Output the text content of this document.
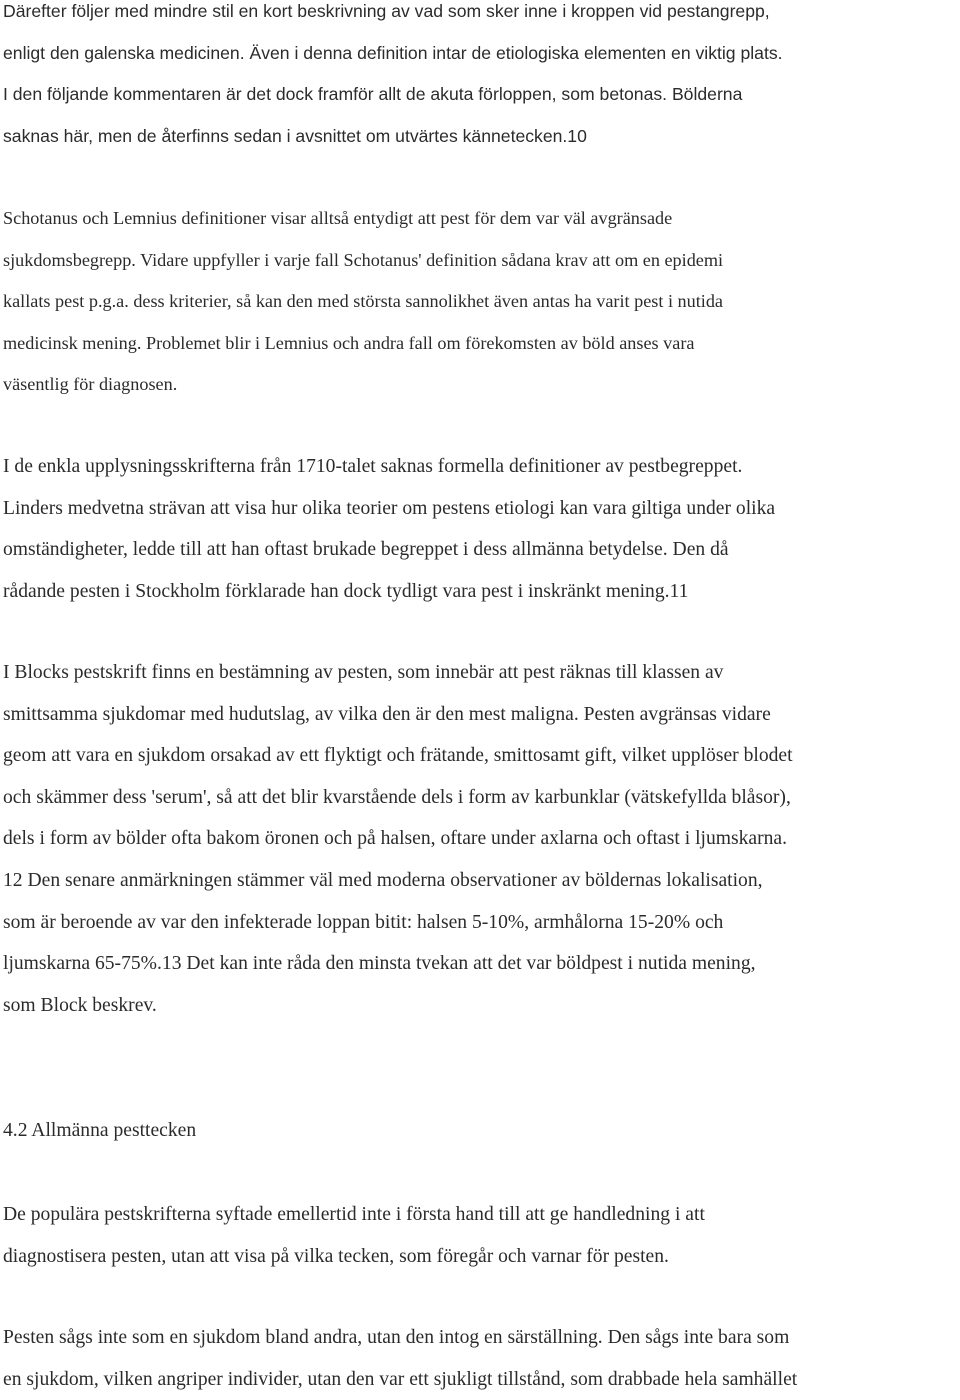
Därefter följer med mindre stil en kort beskrivning av vad som sker inne i kroppen vid pestangrepp,
enligt den galenska medicinen. Även i denna definition intar de etiologiska elementen en viktig plats.
I den följande kommentaren är det dock framför allt de akuta förloppen, som betonas. Bölderna
saknas här, men de återfinns sedan i avsnittet om utvärtes kännetecken.10
Schotanus och Lemnius definitioner visar alltså entydigt att pest för dem var väl avgränsade
sjukdomsbegrepp. Vidare uppfyller i varje fall Schotanus' definition sådana krav att om en epidemi
kallats pest p.g.a. dess kriterier, så kan den med största sannolikhet även antas ha varit pest i nutida
medicinsk mening. Problemet blir i Lemnius och andra fall om förekomsten av böld anses vara
väsentlig för diagnosen.
I de enkla upplysningsskrifterna från 1710-talet saknas formella definitioner av pestbegreppet.
Linders medvetna strävan att visa hur olika teorier om pestens etiologi kan vara giltiga under olika
omständigheter, ledde till att han oftast brukade begreppet i dess allmänna betydelse. Den då
rådande pesten i Stockholm förklarade han dock tydligt vara pest i inskränkt mening.11
I Blocks pestskrift finns en bestämning av pesten, som innebär att pest räknas till klassen av
smittsamma sjukdomar med hudutslag, av vilka den är den mest maligna. Pesten avgränsas vidare
geom att vara en sjukdom orsakad av ett flyktigt och frätande, smittosamt gift, vilket upplöser blodet
och skämmer dess 'serum', så att det blir kvarstående dels i form av karbunklar (vätskefyllda blåsor),
dels i form av bölder ofta bakom öronen och på halsen, oftare under axlarna och oftast i ljumskarna.
12 Den senare anmärkningen stämmer väl med moderna observationer av böldernas lokalisation,
som är beroende av var den infekterade loppan bitit: halsen 5-10%, armhålorna 15-20% och
ljumskarna 65-75%.13 Det kan inte råda den minsta tvekan att det var böldpest i nutida mening,
som Block beskrev.
4.2 Allmänna pesttecken
De populära pestskrifterna syftade emellertid inte i första hand till att ge handledning i att
diagnostisera pesten, utan att visa på vilka tecken, som föregår och varnar för pesten.
Pesten sågs inte som en sjukdom bland andra, utan den intog en särställning. Den sågs inte bara som
en sjukdom, vilken angriper individer, utan den var ett sjukligt tillstånd, som drabbade hela samhället
